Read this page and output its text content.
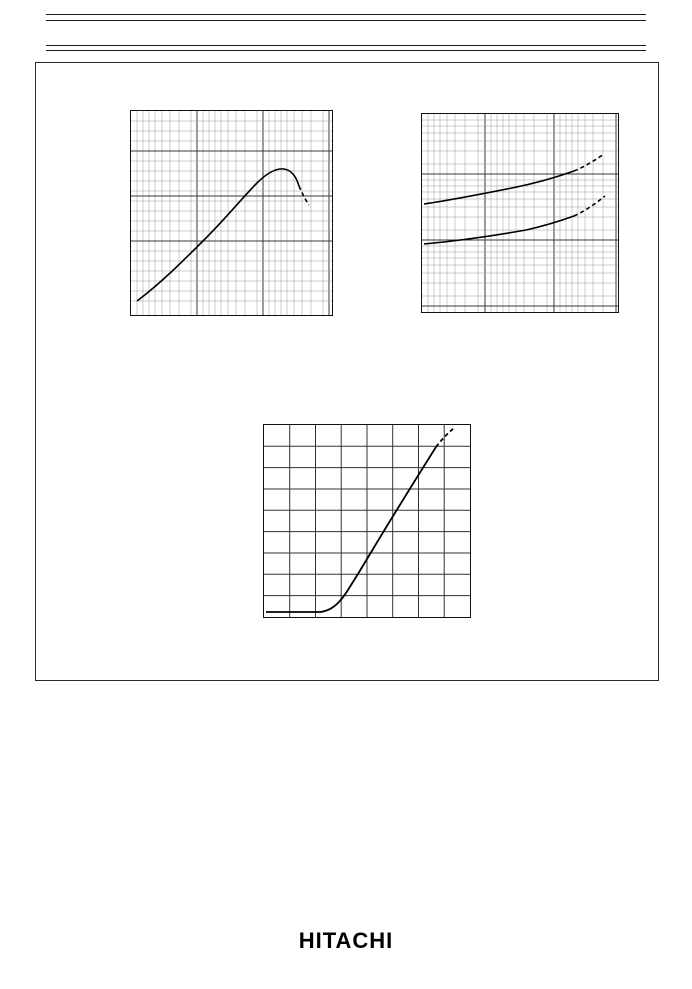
HITACHI
